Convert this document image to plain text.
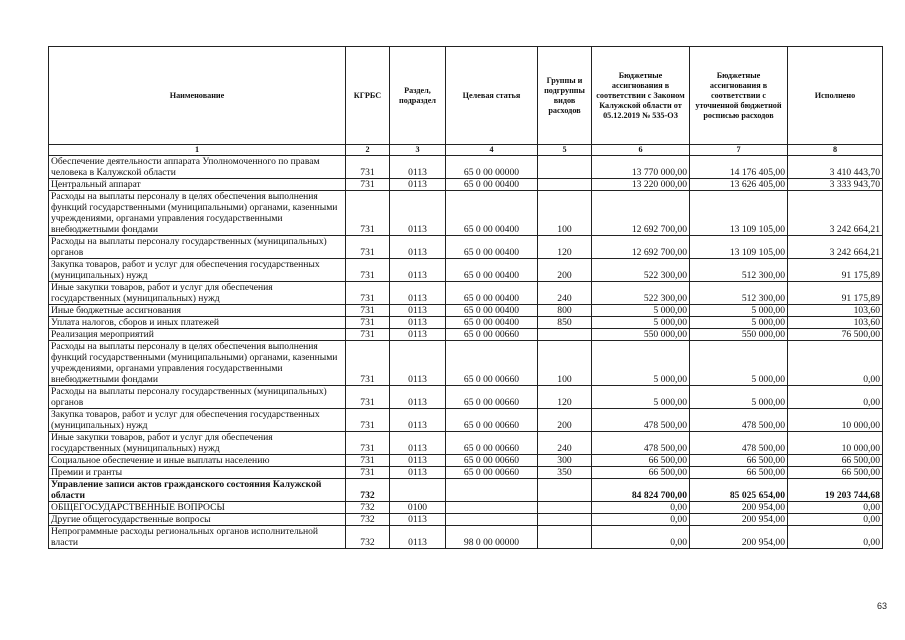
Наименование	КГРБС	Раздел, подраздел	Целевая статья	Группы и подгруппы видов расходов	Бюджетные ассигнования в соответствии с Законом Калужской области от 05.12.2019 № 535-ОЗ	Бюджетные ассигнования в соответствии с уточненной бюджетной росписью расходов	Исполнено
1	2	3	4	5	6	7	8
Обеспечение деятельности аппарата Уполномоченного по правам человека в Калужской области	731	0113	65 0 00 00000		13 770 000,00	14 176 405,00	3 410 443,70
Центральный аппарат	731	0113	65 0 00 00400		13 220 000,00	13 626 405,00	3 333 943,70
Расходы на выплаты персоналу в целях обеспечения выполнения функций государственными (муниципальными) органами, казенными учреждениями, органами управления государственными внебюджетными фондами	731	0113	65 0 00 00400	100	12 692 700,00	13 109 105,00	3 242 664,21
Расходы на выплаты персоналу государственных (муниципальных) органов	731	0113	65 0 00 00400	120	12 692 700,00	13 109 105,00	3 242 664,21
Закупка товаров, работ и услуг для обеспечения государственных (муниципальных) нужд	731	0113	65 0 00 00400	200	522 300,00	512 300,00	91 175,89
Иные закупки товаров, работ и услуг для обеспечения государственных (муниципальных) нужд	731	0113	65 0 00 00400	240	522 300,00	512 300,00	91 175,89
Иные бюджетные ассигнования	731	0113	65 0 00 00400	800	5 000,00	5 000,00	103,60
Уплата налогов, сборов и иных платежей	731	0113	65 0 00 00400	850	5 000,00	5 000,00	103,60
Реализация мероприятий	731	0113	65 0 00 00660		550 000,00	550 000,00	76 500,00
Расходы на выплаты персоналу в целях обеспечения выполнения функций государственными (муниципальными) органами, казенными учреждениями, органами управления государственными внебюджетными фондами	731	0113	65 0 00 00660	100	5 000,00	5 000,00	0,00
Расходы на выплаты персоналу государственных (муниципальных) органов	731	0113	65 0 00 00660	120	5 000,00	5 000,00	0,00
Закупка товаров, работ и услуг для обеспечения государственных (муниципальных) нужд	731	0113	65 0 00 00660	200	478 500,00	478 500,00	10 000,00
Иные закупки товаров, работ и услуг для обеспечения государственных (муниципальных) нужд	731	0113	65 0 00 00660	240	478 500,00	478 500,00	10 000,00
Социальное обеспечение и иные выплаты населению	731	0113	65 0 00 00660	300	66 500,00	66 500,00	66 500,00
Премии и гранты	731	0113	65 0 00 00660	350	66 500,00	66 500,00	66 500,00
Управление записи актов гражданского состояния Калужской области	732				84 824 700,00	85 025 654,00	19 203 744,68
ОБЩЕГОСУДАРСТВЕННЫЕ ВОПРОСЫ	732	0100			0,00	200 954,00	0,00
Другие общегосударственные вопросы	732	0113			0,00	200 954,00	0,00
Непрограммные расходы региональных органов исполнительной власти	732	0113	98 0 00 00000		0,00	200 954,00	0,00
63
